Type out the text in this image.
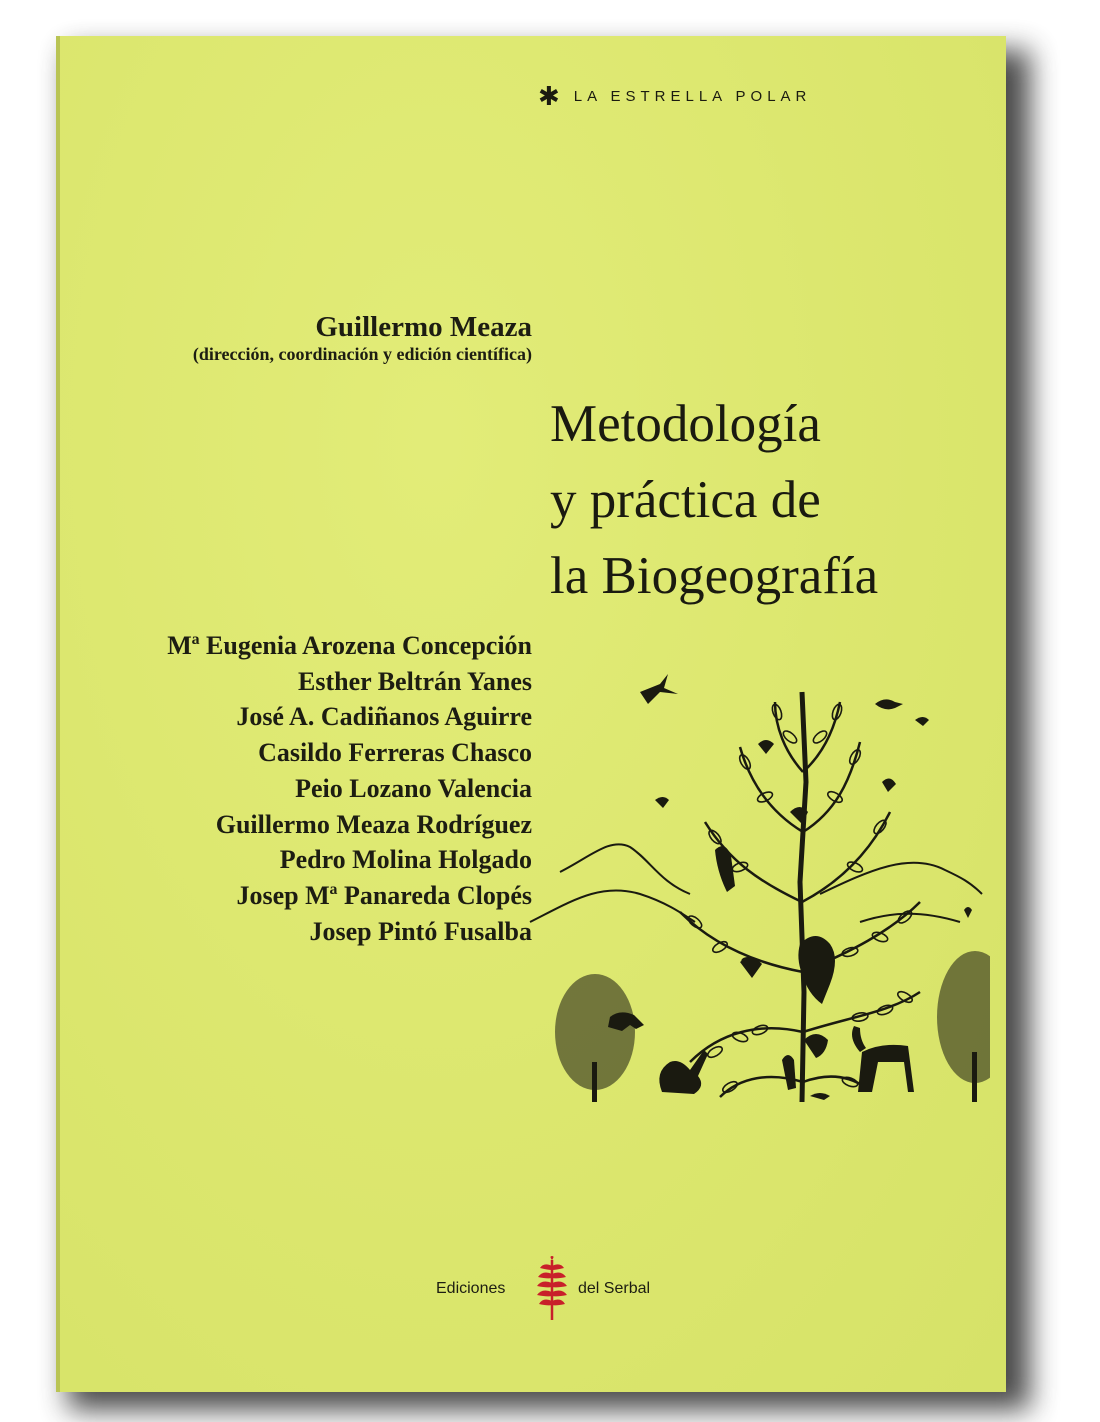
✱ LA ESTRELLA POLAR
Guillermo Meaza
(dirección, coordinación y edición científica)
Metodología
y práctica de
la Biogeografía
Mª Eugenia Arozena Concepción
Esther Beltrán Yanes
José A. Cadiñanos Aguirre
Casildo Ferreras Chasco
Peio Lozano Valencia
Guillermo Meaza Rodríguez
Pedro Molina Holgado
Josep Mª Panareda Clopés
Josep Pintó Fusalba
Ediciones	del Serbal
